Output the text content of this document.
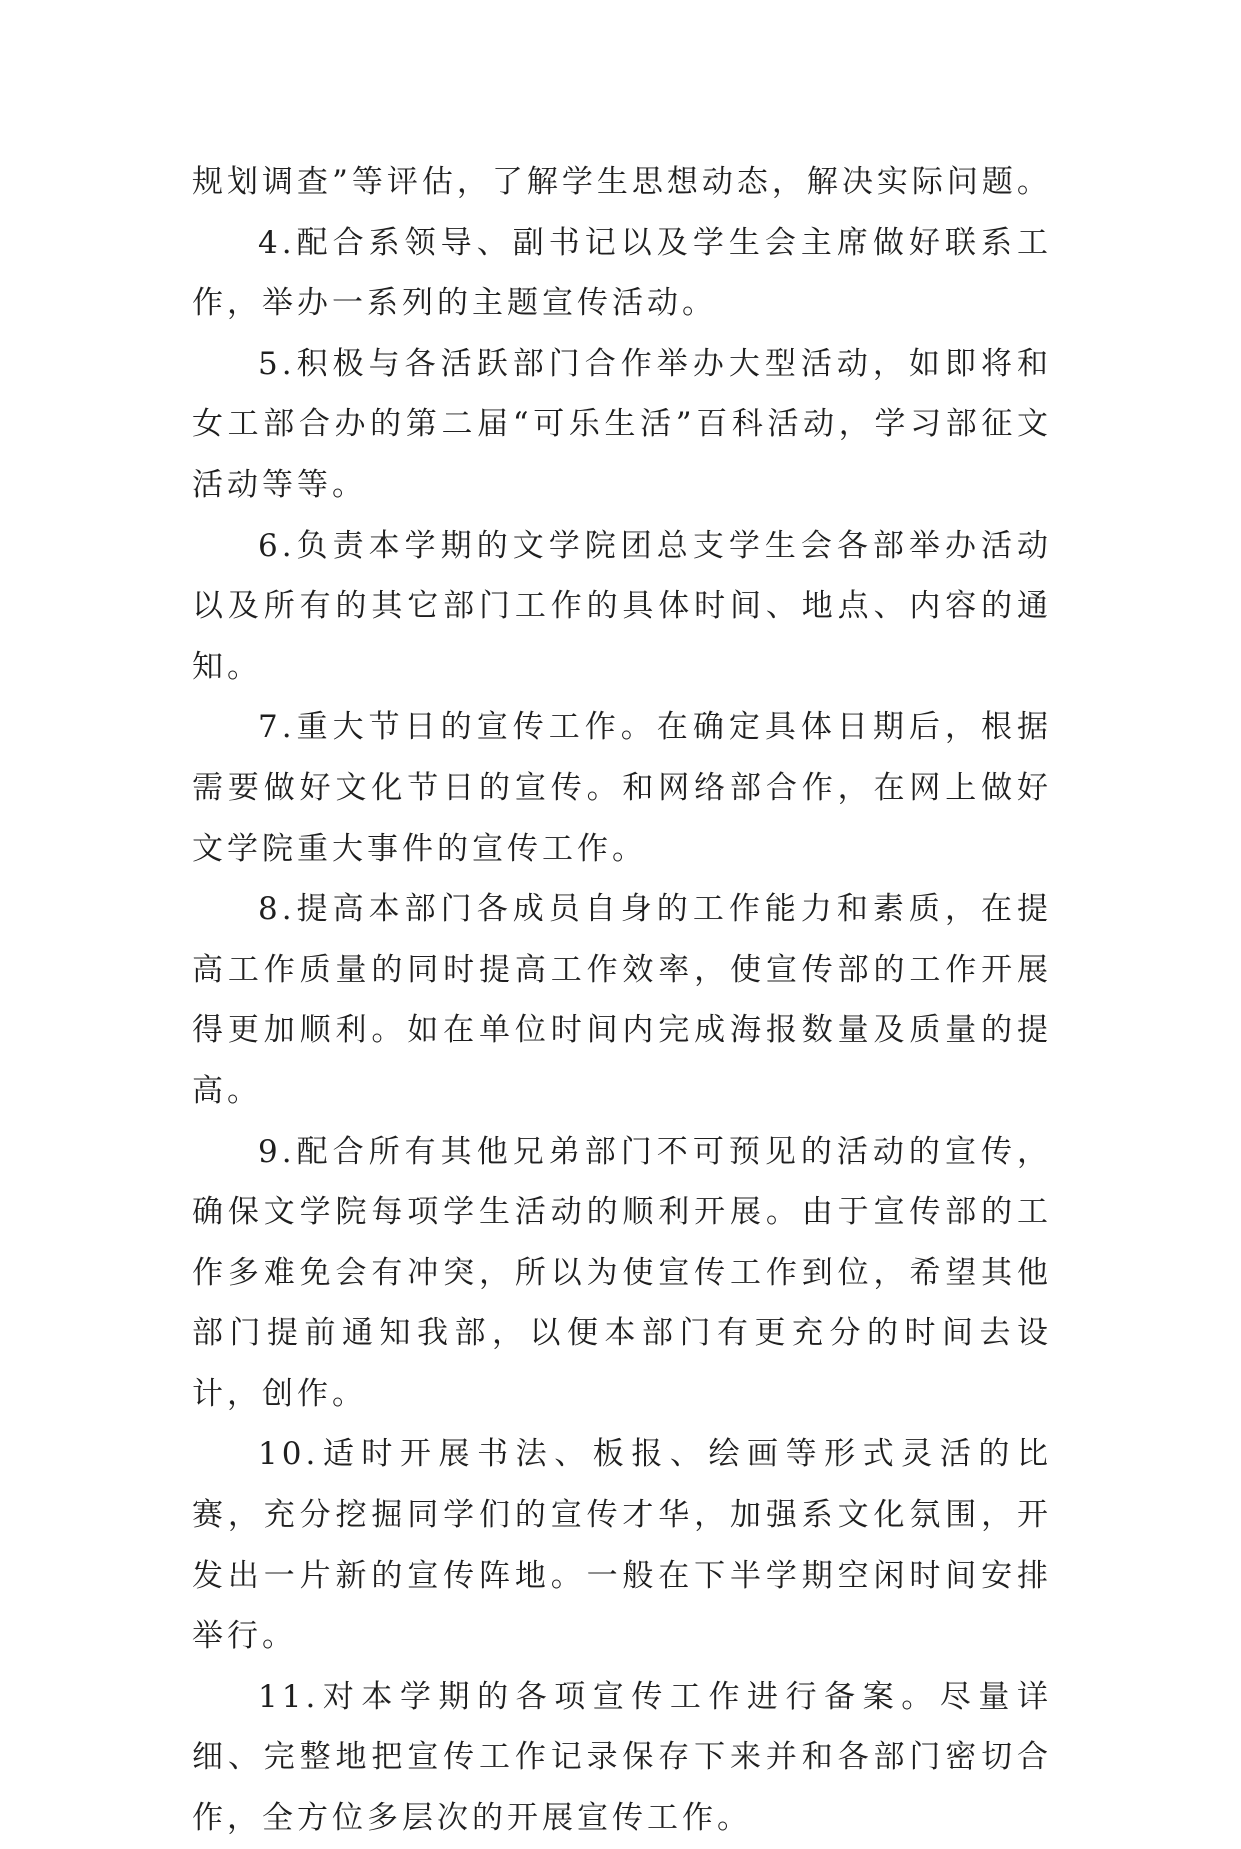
规划调查”等评估，了解学生思想动态，解决实际问题。

4.配合系领导、副书记以及学生会主席做好联系工作，举办一系列的主题宣传活动。

5.积极与各活跃部门合作举办大型活动，如即将和女工部合办的第二届“可乐生活”百科活动，学习部征文活动等等。

6.负责本学期的文学院团总支学生会各部举办活动以及所有的其它部门工作的具体时间、地点、内容的通知。

7.重大节日的宣传工作。在确定具体日期后，根据需要做好文化节日的宣传。和网络部合作，在网上做好文学院重大事件的宣传工作。

8.提高本部门各成员自身的工作能力和素质，在提高工作质量的同时提高工作效率，使宣传部的工作开展得更加顺利。如在单位时间内完成海报数量及质量的提高。

9.配合所有其他兄弟部门不可预见的活动的宣传，确保文学院每项学生活动的顺利开展。由于宣传部的工作多难免会有冲突，所以为使宣传工作到位，希望其他部门提前通知我部，以便本部门有更充分的时间去设计，创作。

10.适时开展书法、板报、绘画等形式灵活的比赛，充分挖掘同学们的宣传才华，加强系文化氛围，开发出一片新的宣传阵地。一般在下半学期空闲时间安排举行。

11.对本学期的各项宣传工作进行备案。尽量详细、完整地把宣传工作记录保存下来并和各部门密切合作，全方位多层次的开展宣传工作。
